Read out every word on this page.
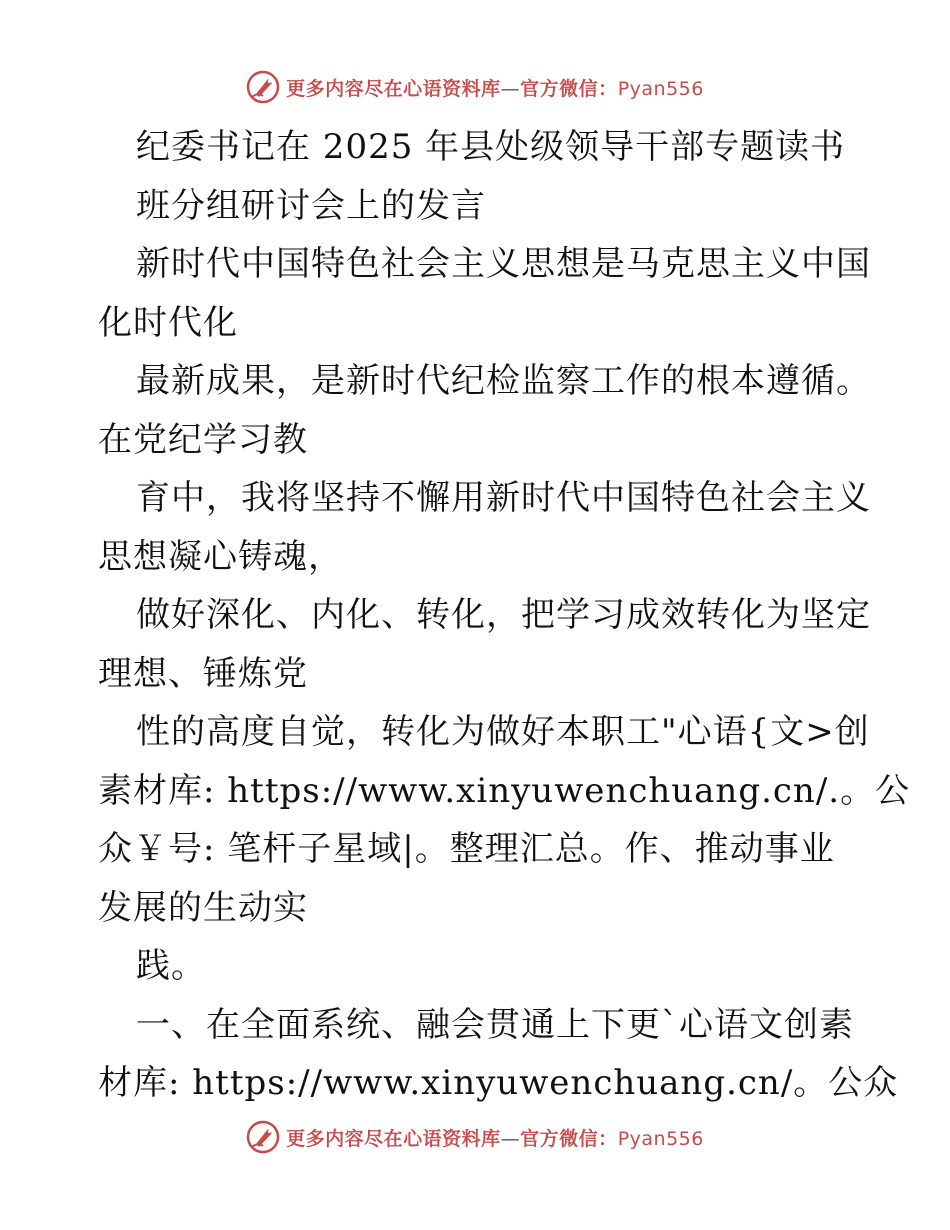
更多内容尽在心语资料库—官方微信：Pyan556
纪委书记在 2025 年县处级领导干部专题读书
班分组研讨会上的发言
新时代中国特色社会主义思想是马克思主义中国
化时代化
最新成果，是新时代纪检监察工作的根本遵循。
在党纪学习教
育中，我将坚持不懈用新时代中国特色社会主义
思想凝心铸魂，
做好深化、内化、转化，把学习成效转化为坚定
理想、锤炼党
性的高度自觉，转化为做好本职工"心语{文>创
素材库: https://www.xinyuwenchuang.cn/.。公
众￥号: 笔杆子星域|。整理汇总。作、推动事业
发展的生动实
践。
一、在全面系统、融会贯通上下更`心语文创素
材库: https://www.xinyuwenchuang.cn/。公众
更多内容尽在心语资料库—官方微信：Pyan556
